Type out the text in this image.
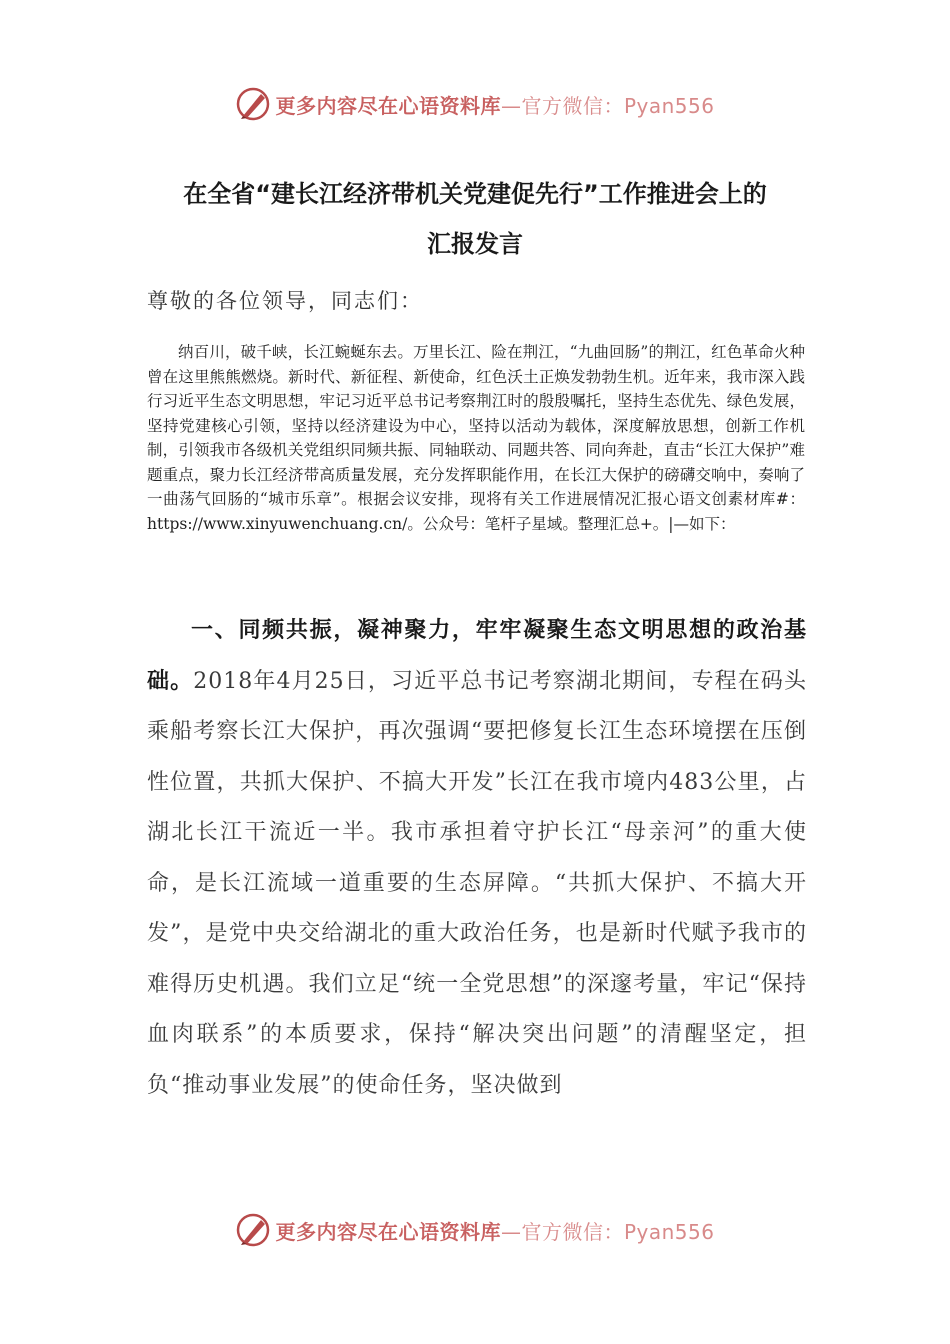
更多内容尽在心语资料库—官方微信：Pyan556
在全省“建长江经济带机关党建促先行”工作推进会上的
汇报发言
尊敬的各位领导，同志们：
纳百川，破千峡，长江蜿蜒东去。万里长江、险在荆江，“九曲回肠”的荆江，红色革命火种曾在这里熊熊燃烧。新时代、新征程、新使命，红色沃土正焕发勃勃生机。近年来，我市深入践行习近平生态文明思想，牢记习近平总书记考察荆江时的殷殷嘱托，坚持生态优先、绿色发展，坚持党建核心引领，坚持以经济建设为中心，坚持以活动为载体，深度解放思想，创新工作机制，引领我市各级机关党组织同频共振、同轴联动、同题共答、同向奔赴，直击“长江大保护”难题重点，聚力长江经济带高质量发展，充分发挥职能作用，在长江大保护的磅礴交响中，奏响了一曲荡气回肠的“城市乐章”。根据会议安排，现将有关工作进展情况汇报心语文创素材库#：https://www.xinyuwenchuang.cn/。公众号：笔杆子星域。整理汇总+。|—如下：
一、同频共振，凝神聚力，牢牢凝聚生态文明思想的政治基础。2018年4月25日，习近平总书记考察湖北期间，专程在码头乘船考察长江大保护，再次强调“要把修复长江生态环境摆在压倒性位置，共抓大保护、不搞大开发”长江在我市境内483公里，占湖北长江干流近一半。我市承担着守护长江“母亲河”的重大使命，是长江流域一道重要的生态屏障。“共抓大保护、不搞大开发”，是党中央交给湖北的重大政治任务，也是新时代赋予我市的难得历史机遇。我们立足“统一全党思想”的深邃考量，牢记“保持血肉联系”的本质要求，保持“解决突出问题”的清醒坚定，担负“推动事业发展”的使命任务，坚决做到
更多内容尽在心语资料库—官方微信：Pyan556
